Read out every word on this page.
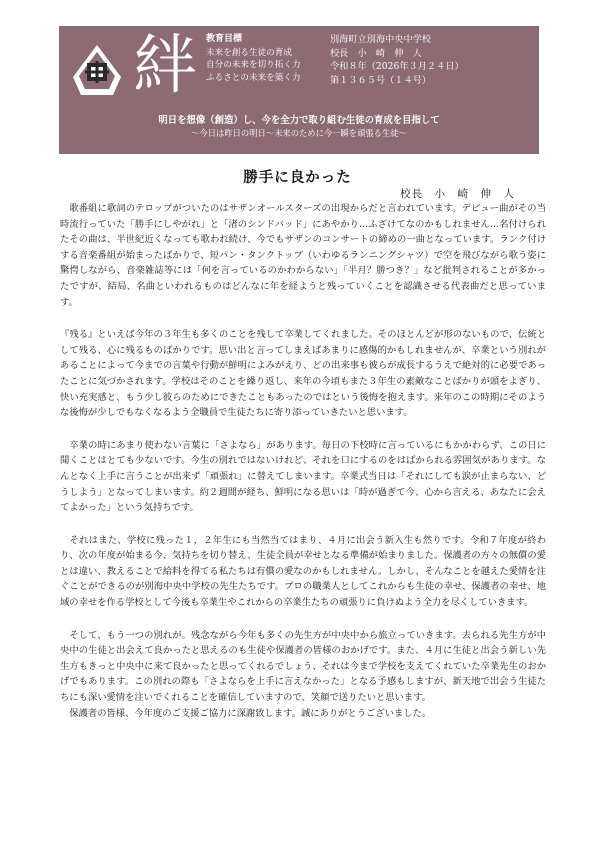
絆	教育目標
未来を創る生徒の育成
自分の未来を切り拓く力
ふるさとの未来を築く力
別海町立別海中央中学校
校長　小　崎　伸　人
令和８年（2026年３月２４日）
第１３６５号（１４号）
明日を想像（創造）し、今を全力で取り組む生徒の育成を目指して
～今日は昨日の明日～未来のために今一瞬を頑張る生徒～
勝手に良かった
校長　小　崎　伸　人

　歌番組に歌詞のテロップがついたのはサザンオールスターズの出現からだと言われています。デビュー曲がその当時流行っていた「勝手にしやがれ」と「渚のシンドバッド」にあやかり…ふざけてなのかもしれません…名付けられたその曲は、半世紀近くなっても歌われ続け、今でもサザンのコンサートの締めの一曲となっています。ランク付けする音楽番組が始まったばかりで、短パン・タンクトップ（いわゆるランニングシャツ）で空を飛びながら歌う姿に驚愕しながら、音楽雑誌等には「何を言っているのかわからない」「半月？勝つき？」など批判されることが多かったですが、結局、名曲といわれるものはどんなに年を経ようと残っていくことを認識させる代表曲だと思っています。

『残る』といえば今年の３年生も多くのことを残して卒業してくれました。そのほとんどが形のないもので、伝統として残る、心に残るものばかりです。思い出と言ってしまえばあまりに感傷的かもしれませんが、卒業という別れがあることによって今までの言葉や行動が鮮明によみがえり、どの出来事も彼らが成長するうえで絶対的に必要であったことに気づかされます。学校はそのことを繰り返し、来年の今頃もまた３年生の素敵なことばかりが頭をよぎり、快い充実感と、もう少し彼らのためにできたこともあったのではという後悔を抱えます。来年のこの時期にそのような後悔が少しでもなくなるよう全職員で生徒たちに寄り添っていきたいと思います。

　卒業の時にあまり使わない言葉に「さよなら」があります。毎日の下校時に言っているにもかかわらず、この日に聞くことはとても少ないです。今生の別れではないけれど、それを口にするのをはばかられる雰囲気があります。なんとなく上手に言うことが出来ず「頑張れ」に替えてしまいます。卒業式当日は「それにしても涙が止まらない、どうしよう」となってしまいます。約２週間が経ち、鮮明になる思いは「時が過ぎて今、心から言える、あなたに会えてよかった」という気持ちです。

　それはまた、学校に残った１，２年生にも当然当てはまり、４月に出会う新入生も然りです。令和７年度が終わり、次の年度が始まる今、気持ちを切り替え、生徒全員が幸せとなる準備が始まりました。保護者の方々の無償の愛とは違い、教えることで給料を得てる私たちは有償の愛なのかもしれません。しかし、そんなことを越えた愛情を注ぐことができるのが別海中央中学校の先生たちです。プロの職業人としてこれからも生徒の幸せ、保護者の幸せ、地域の幸せを作る学校として今後も卒業生やこれからの卒業生たちの頑張りに負けぬよう全力を尽くしていきます。

　そして、もう一つの別れが。残念ながら今年も多くの先生方が中央中から旅立っていきます。去られる先生方が中央中の生徒と出会えて良かったと思えるのも生徒や保護者の皆様のおかげです。また、４月に生徒と出会う新しい先生方もきっと中央中に来て良かったと思ってくれるでしょう、それは今まで学校を支えてくれていた卒業先生のおかげでもあります。この別れの際も「さよならを上手に言えなかった」となる予感もしますが、新天地で出会う生徒たちにも深い愛情を注いでくれることを確信していますので、笑顔で送りたいと思います。

　保護者の皆様、今年度のご支援ご協力に深謝致します。誠にありがとうございました。
